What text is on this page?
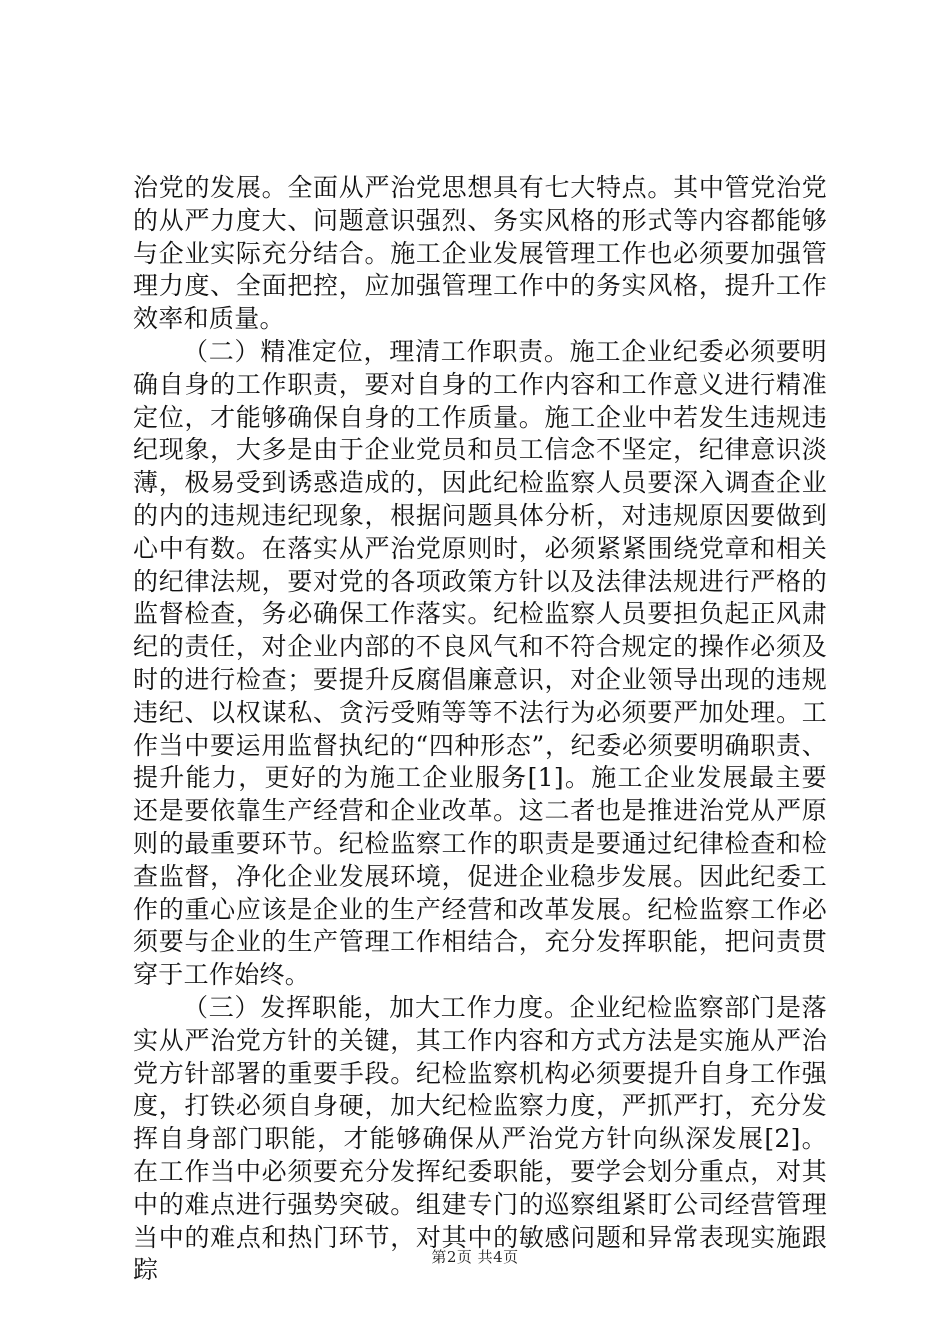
治党的发展。全面从严治党思想具有七大特点。其中管党治党的从严力度大、问题意识强烈、务实风格的形式等内容都能够与企业实际充分结合。施工企业发展管理工作也必须要加强管理力度、全面把控，应加强管理工作中的务实风格，提升工作效率和质量。

（二）精准定位，理清工作职责。施工企业纪委必须要明确自身的工作职责，要对自身的工作内容和工作意义进行精准定位，才能够确保自身的工作质量。施工企业中若发生违规违纪现象，大多是由于企业党员和员工信念不坚定，纪律意识淡薄，极易受到诱惑造成的，因此纪检监察人员要深入调查企业的内的违规违纪现象，根据问题具体分析，对违规原因要做到心中有数。在落实从严治党原则时，必须紧紧围绕党章和相关的纪律法规，要对党的各项政策方针以及法律法规进行严格的监督检查，务必确保工作落实。纪检监察人员要担负起正风肃纪的责任，对企业内部的不良风气和不符合规定的操作必须及时的进行检查；要提升反腐倡廉意识，对企业领导出现的违规违纪、以权谋私、贪污受贿等等不法行为必须要严加处理。工作当中要运用监督执纪的“四种形态”，纪委必须要明确职责、提升能力，更好的为施工企业服务[1]。施工企业发展最主要还是要依靠生产经营和企业改革。这二者也是推进治党从严原则的最重要环节。纪检监察工作的职责是要通过纪律检查和检查监督，净化企业发展环境，促进企业稳步发展。因此纪委工作的重心应该是企业的生产经营和改革发展。纪检监察工作必须要与企业的生产管理工作相结合，充分发挥职能，把问责贯穿于工作始终。

（三）发挥职能，加大工作力度。企业纪检监察部门是落实从严治党方针的关键，其工作内容和方式方法是实施从严治党方针部署的重要手段。纪检监察机构必须要提升自身工作强度，打铁必须自身硬，加大纪检监察力度，严抓严打，充分发挥自身部门职能，才能够确保从严治党方针向纵深发展[2]。在工作当中必须要充分发挥纪委职能，要学会划分重点，对其中的难点进行强势突破。组建专门的巡察组紧盯公司经营管理当中的难点和热门环节，对其中的敏感问题和异常表现实施跟踪	第2页 共4页
